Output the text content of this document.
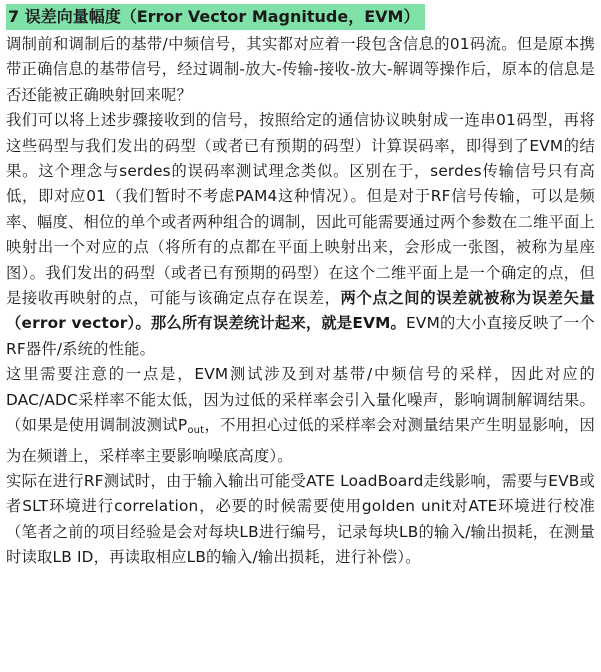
7 误差向量幅度（Error Vector Magnitude，EVM）

调制前和调制后的基带/中频信号，其实都对应着一段包含信息的01码流。但是原本携带正确信息的基带信号，经过调制-放大-传输-接收-放大-解调等操作后，原本的信息是否还能被正确映射回来呢？

我们可以将上述步骤接收到的信号，按照给定的通信协议映射成一连串01码型，再将这些码型与我们发出的码型（或者已有预期的码型）计算误码率，即得到了EVM的结果。这个理念与serdes的误码率测试理念类似。区别在于，serdes传输信号只有高低，即对应01（我们暂时不考虑PAM4这种情况）。但是对于RF信号传输，可以是频率、幅度、相位的单个或者两种组合的调制，因此可能需要通过两个参数在二维平面上映射出一个对应的点（将所有的点都在平面上映射出来，会形成一张图，被称为星座图）。我们发出的码型（或者已有预期的码型）在这个二维平面上是一个确定的点，但是接收再映射的点，可能与该确定点存在误差，两个点之间的误差就被称为误差矢量（error vector）。那么所有误差统计起来，就是EVM。EVM的大小直接反映了一个RF器件/系统的性能。

这里需要注意的一点是，EVM测试涉及到对基带/中频信号的采样，因此对应的DAC/ADC采样率不能太低，因为过低的采样率会引入量化噪声，影响调制解调结果。（如果是使用调制波测试$P_{out}$，不用担心过低的采样率会对测量结果产生明显影响，因为在频谱上，采样率主要影响噪底高度）。

实际在进行RF测试时，由于输入输出可能受ATE LoadBoard走线影响，需要与EVB或者SLT环境进行correlation，必要的时候需要使用golden unit对ATE环境进行校准（笔者之前的项目经验是会对每块LB进行编号，记录每块LB的输入/输出损耗，在测量时读取LB ID，再读取相应LB的输入/输出损耗，进行补偿）。
